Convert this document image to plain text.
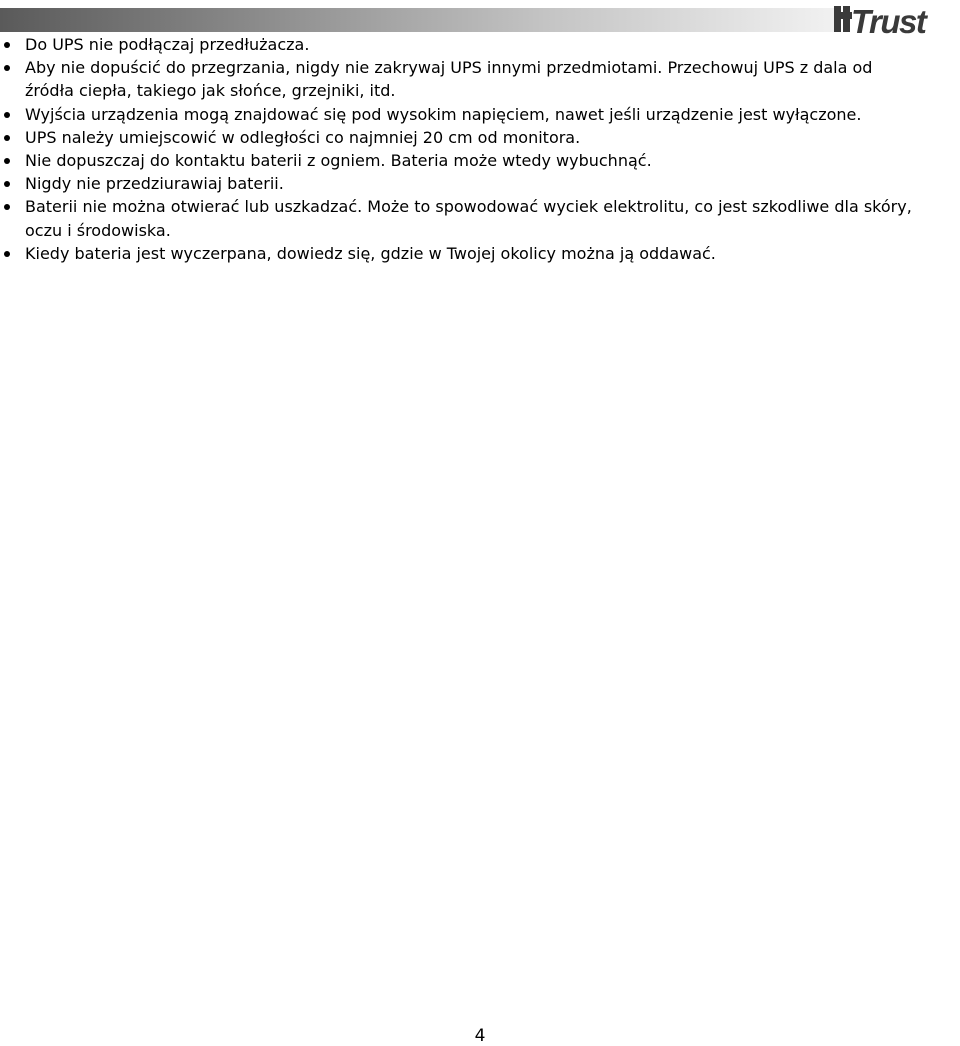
Trust
Do UPS nie podłączaj przedłużacza.
Aby nie dopuścić do przegrzania, nigdy nie zakrywaj UPS innymi przedmiotami. Przechowuj UPS z dala od źródła ciepła, takiego jak słońce, grzejniki, itd.
Wyjścia urządzenia mogą znajdować się pod wysokim napięciem, nawet jeśli urządzenie jest wyłączone.
UPS należy umiejscowić w odległości co najmniej 20 cm od monitora.
Nie dopuszczaj do kontaktu baterii z ogniem. Bateria może wtedy wybuchnąć.
Nigdy nie przedziurawiaj baterii.
Baterii nie można otwierać lub uszkadzać. Może to spowodować wyciek elektrolitu, co jest szkodliwe dla skóry, oczu i środowiska.
Kiedy bateria jest wyczerpana, dowiedz się, gdzie w Twojej okolicy można ją oddawać.
4
